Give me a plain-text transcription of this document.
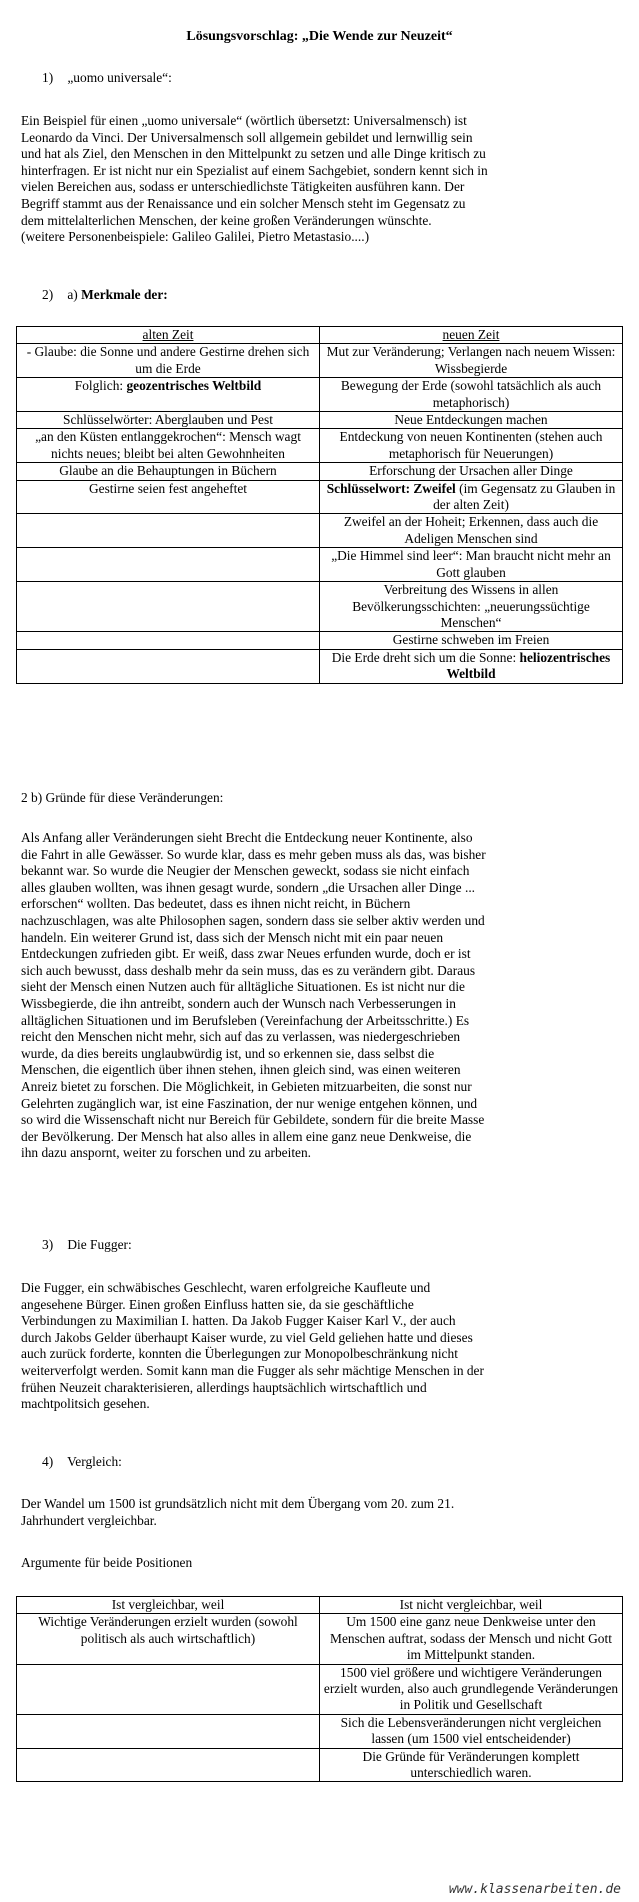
Lösungsvorschlag: „Die Wende zur Neuzeit“
1) „uomo universale“:
Ein Beispiel für einen „uomo universale“ (wörtlich übersetzt: Universalmensch) ist
Leonardo da Vinci. Der Universalmensch soll allgemein gebildet und lernwillig sein
und hat als Ziel, den Menschen in den Mittelpunkt zu setzen und alle Dinge kritisch zu
hinterfragen. Er ist nicht nur ein Spezialist auf einem Sachgebiet, sondern kennt sich in
vielen Bereichen aus, sodass er unterschiedlichste Tätigkeiten ausführen kann. Der
Begriff stammt aus der Renaissance und ein solcher Mensch steht im Gegensatz zu
dem mittelalterlichen Menschen, der keine großen Veränderungen wünschte.
(weitere Personenbeispiele: Galileo Galilei, Pietro Metastasio....)
2) a) Merkmale der:
alten Zeit	neuen Zeit
- Glaube: die Sonne und andere Gestirne drehen sich um die Erde	Mut zur Veränderung; Verlangen nach neuem Wissen: Wissbegierde
Folglich: geozentrisches Weltbild	Bewegung der Erde (sowohl tatsächlich als auch metaphorisch)
Schlüsselwörter: Aberglauben und Pest	Neue Entdeckungen machen
„an den Küsten entlanggekrochen“: Mensch wagt nichts neues; bleibt bei alten Gewohnheiten	Entdeckung von neuen Kontinenten (stehen auch metaphorisch für Neuerungen)
Glaube an die Behauptungen in Büchern	Erforschung der Ursachen aller Dinge
Gestirne seien fest angeheftet	Schlüsselwort: Zweifel (im Gegensatz zu Glauben in der alten Zeit)
	Zweifel an der Hoheit; Erkennen, dass auch die Adeligen Menschen sind
	„Die Himmel sind leer“: Man braucht nicht mehr an Gott glauben
	Verbreitung des Wissens in allen Bevölkerungsschichten: „neuerungssüchtige Menschen“
	Gestirne schweben im Freien
	Die Erde dreht sich um die Sonne: heliozentrisches Weltbild
2 b) Gründe für diese Veränderungen:
Als Anfang aller Veränderungen sieht Brecht die Entdeckung neuer Kontinente, also
die Fahrt in alle Gewässer. So wurde klar, dass es mehr geben muss als das, was bisher
bekannt war. So wurde die Neugier der Menschen geweckt, sodass sie nicht einfach
alles glauben wollten, was ihnen gesagt wurde, sondern „die Ursachen aller Dinge ...
erforschen“ wollten. Das bedeutet, dass es ihnen nicht reicht, in Büchern
nachzuschlagen, was alte Philosophen sagen, sondern dass sie selber aktiv werden und
handeln. Ein weiterer Grund ist, dass sich der Mensch nicht mit ein paar neuen
Entdeckungen zufrieden gibt. Er weiß, dass zwar Neues erfunden wurde, doch er ist
sich auch bewusst, dass deshalb mehr da sein muss, das es zu verändern gibt. Daraus
sieht der Mensch einen Nutzen auch für alltägliche Situationen. Es ist nicht nur die
Wissbegierde, die ihn antreibt, sondern auch der Wunsch nach Verbesserungen in
alltäglichen Situationen und im Berufsleben (Vereinfachung der Arbeitsschritte.) Es
reicht den Menschen nicht mehr, sich auf das zu verlassen, was niedergeschrieben
wurde, da dies bereits unglaubwürdig ist, und so erkennen sie, dass selbst die
Menschen, die eigentlich über ihnen stehen, ihnen gleich sind, was einen weiteren
Anreiz bietet zu forschen. Die Möglichkeit, in Gebieten mitzuarbeiten, die sonst nur
Gelehrten zugänglich war, ist eine Faszination, der nur wenige entgehen können, und
so wird die Wissenschaft nicht nur Bereich für Gebildete, sondern für die breite Masse
der Bevölkerung. Der Mensch hat also alles in allem eine ganz neue Denkweise, die
ihn dazu anspornt, weiter zu forschen und zu arbeiten.
3) Die Fugger:
Die Fugger, ein schwäbisches Geschlecht, waren erfolgreiche Kaufleute und
angesehene Bürger. Einen großen Einfluss hatten sie, da sie geschäftliche
Verbindungen zu Maximilian I. hatten. Da Jakob Fugger Kaiser Karl V., der auch
durch Jakobs Gelder überhaupt Kaiser wurde, zu viel Geld geliehen hatte und dieses
auch zurück forderte, konnten die Überlegungen zur Monopolbeschränkung nicht
weiterverfolgt werden. Somit kann man die Fugger als sehr mächtige Menschen in der
frühen Neuzeit charakterisieren, allerdings hauptsächlich wirtschaftlich und
machtpolitsich gesehen.
4) Vergleich:
Der Wandel um 1500 ist grundsätzlich nicht mit dem Übergang vom 20. zum 21.
Jahrhundert vergleichbar.
Argumente für beide Positionen
Ist vergleichbar, weil	Ist nicht vergleichbar, weil
Wichtige Veränderungen erzielt wurden (sowohl politisch als auch wirtschaftlich)	Um 1500 eine ganz neue Denkweise unter den Menschen auftrat, sodass der Mensch und nicht Gott im Mittelpunkt standen.
	1500 viel größere und wichtigere Veränderungen erzielt wurden, also auch grundlegende Veränderungen in Politik und Gesellschaft
	Sich die Lebensveränderungen nicht vergleichen lassen (um 1500 viel entscheidender)
	Die Gründe für Veränderungen komplett unterschiedlich waren.
www.klassenarbeiten.de
